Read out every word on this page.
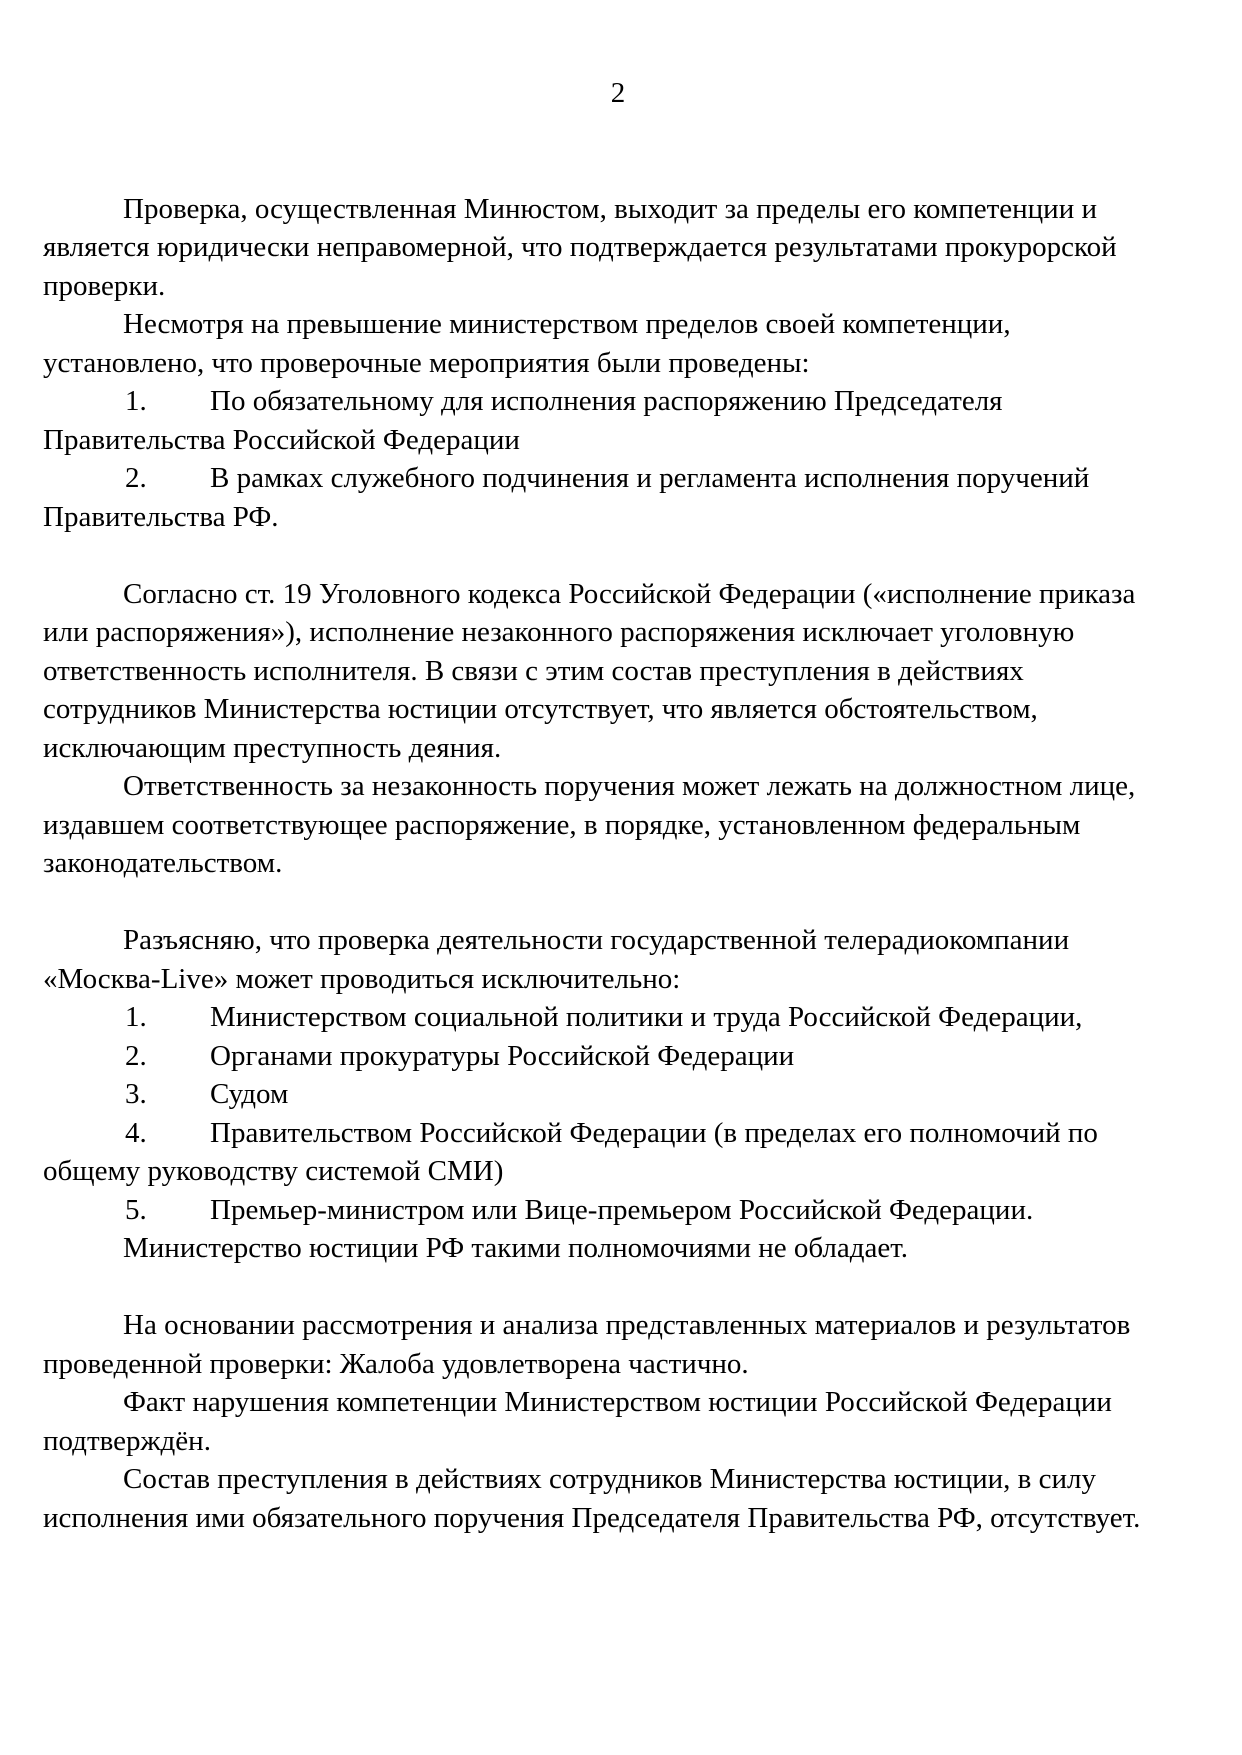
2
Проверка, осуществленная Минюстом, выходит за пределы его компетенции и
является юридически неправомерной, что подтверждается результатами прокурорской
проверки.
Несмотря на превышение министерством пределов своей компетенции,
установлено, что проверочные мероприятия были проведены:
1. По обязательному для исполнения распоряжению Председателя
Правительства Российской Федерации
2. В рамках служебного подчинения и регламента исполнения поручений
Правительства РФ.
Согласно ст. 19 Уголовного кодекса Российской Федерации («исполнение приказа
или распоряжения»), исполнение незаконного распоряжения исключает уголовную
ответственность исполнителя. В связи с этим состав преступления в действиях
сотрудников Министерства юстиции отсутствует, что является обстоятельством,
исключающим преступность деяния.
Ответственность за незаконность поручения может лежать на должностном лице,
издавшем соответствующее распоряжение, в порядке, установленном федеральным
законодательством.
Разъясняю, что проверка деятельности государственной телерадиокомпании
«Москва-Live» может проводиться исключительно:
1. Министерством социальной политики и труда Российской Федерации,
2. Органами прокуратуры Российской Федерации
3. Судом
4. Правительством Российской Федерации (в пределах его полномочий по
общему руководству системой СМИ)
5. Премьер-министром или Вице-премьером Российской Федерации.
Министерство юстиции РФ такими полномочиями не обладает.
На основании рассмотрения и анализа представленных материалов и результатов
проведенной проверки: Жалоба удовлетворена частично.
Факт нарушения компетенции Министерством юстиции Российской Федерации
подтверждён.
Состав преступления в действиях сотрудников Министерства юстиции, в силу
исполнения ими обязательного поручения Председателя Правительства РФ, отсутствует.
